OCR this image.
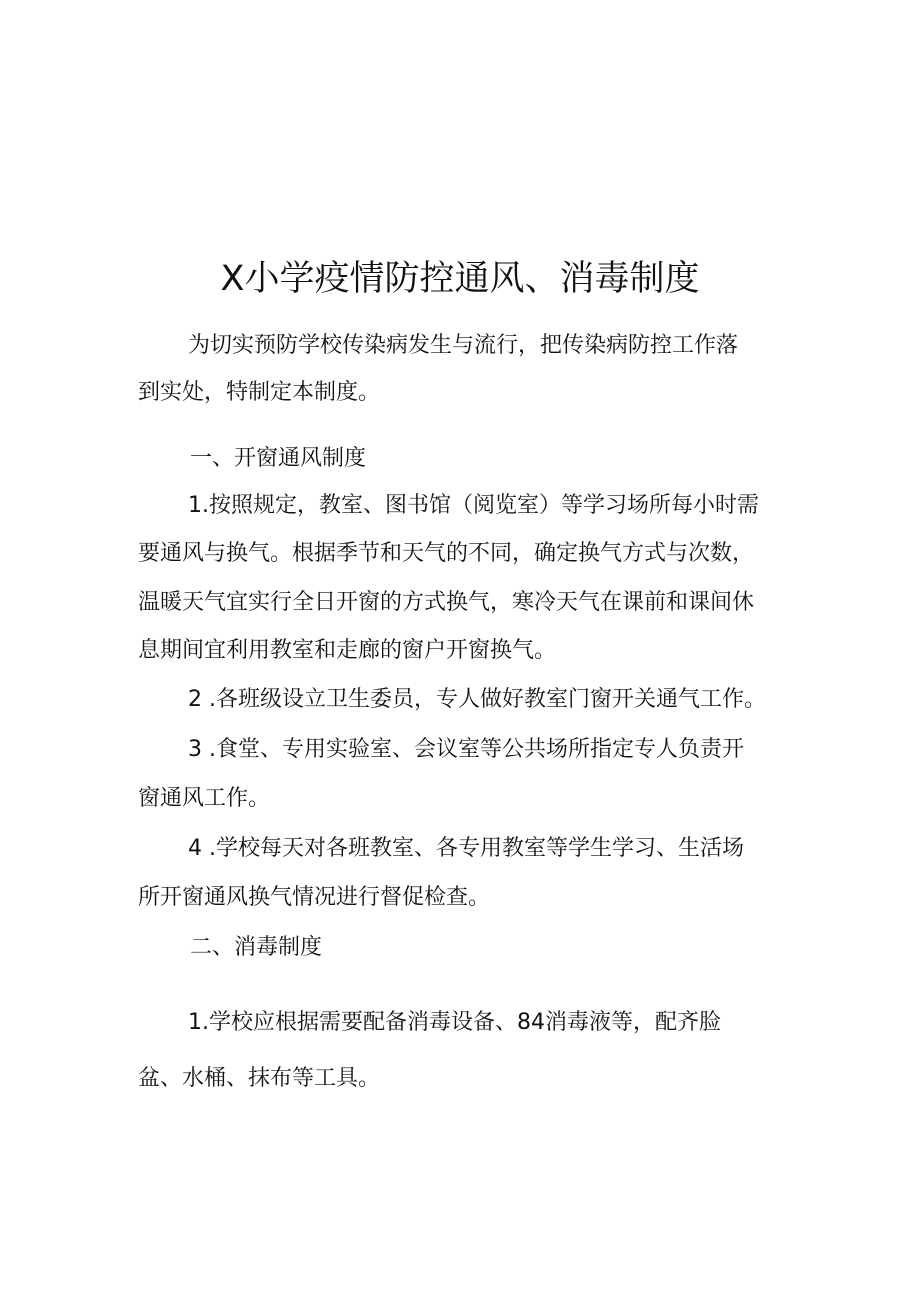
X小学疫情防控通风、消毒制度

为切实预防学校传染病发生与流行，把传染病防控工作落

到实处，特制定本制度。

一、开窗通风制度

1.按照规定，教室、图书馆（阅览室）等学习场所每小时需

要通风与换气。根据季节和天气的不同，确定换气方式与次数，

温暖天气宜实行全日开窗的方式换气，寒冷天气在课前和课间休

息期间宜利用教室和走廊的窗户开窗换气。

2 .各班级设立卫生委员，专人做好教室门窗开关通气工作。

3 .食堂、专用实验室、会议室等公共场所指定专人负责开

窗通风工作。

4 .学校每天对各班教室、各专用教室等学生学习、生活场

所开窗通风换气情况进行督促检查。

二、消毒制度

1.学校应根据需要配备消毒设备、84消毒液等，配齐脸

盆、水桶、抹布等工具。
